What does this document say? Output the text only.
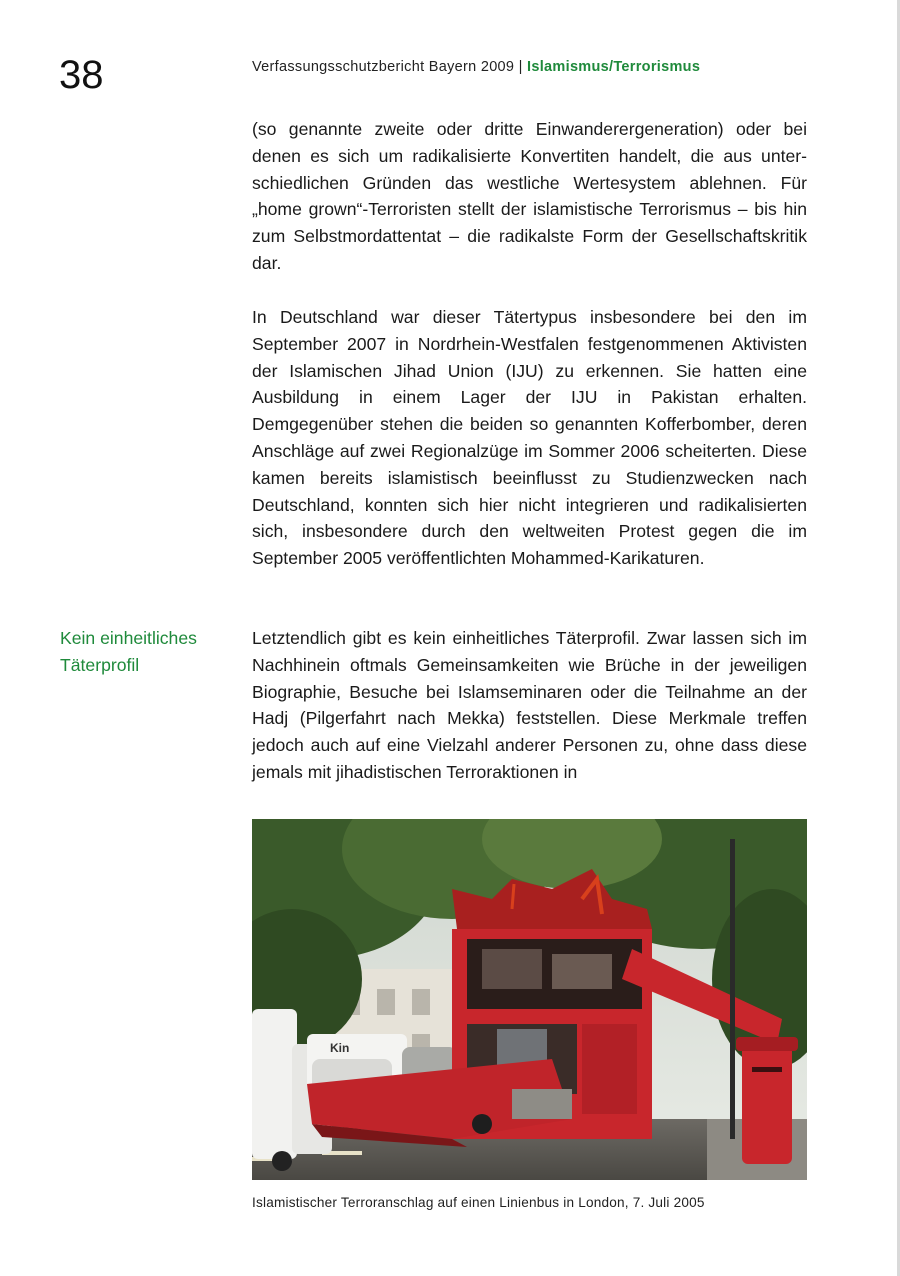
38	Verfassungsschutzbericht Bayern 2009 | Islamismus/Terrorismus

(so genannte zweite oder dritte Einwanderergeneration) oder bei denen es sich um radikalisierte Konvertiten handelt, die aus unterschiedlichen Gründen das westliche Wertesystem ablehnen. Für „home grown“-Terroristen stellt der islamistische Terrorismus – bis hin zum Selbstmordattentat – die radikalste Form der Gesellschaftskritik dar.

In Deutschland war dieser Tätertypus insbesondere bei den im September 2007 in Nordrhein-Westfalen festgenommenen Aktivisten der Islamischen Jihad Union (IJU) zu erkennen. Sie hatten eine Ausbildung in einem Lager der IJU in Pakistan erhalten. Demgegenüber stehen die beiden so genannten Kofferbomber, deren Anschläge auf zwei Regionalzüge im Sommer 2006 scheiterten. Diese kamen bereits islamistisch beeinflusst zu Studienzwecken nach Deutschland, konnten sich hier nicht integrieren und radikalisierten sich, insbesondere durch den weltweiten Protest gegen die im September 2005 veröffentlichten Mohammed-Karikaturen.

Kein einheitliches Täterprofil

Letztendlich gibt es kein einheitliches Täterprofil. Zwar lassen sich im Nachhinein oftmals Gemeinsamkeiten wie Brüche in der jeweiligen Biographie, Besuche bei Islamseminaren oder die Teilnahme an der Hadj (Pilgerfahrt nach Mekka) feststellen. Diese Merkmale treffen jedoch auch auf eine Vielzahl anderer Personen zu, ohne dass diese jemals mit jihadistischen Terroraktionen in

Kin
Islamistischer Terroranschlag auf einen Linienbus in London, 7. Juli 2005
